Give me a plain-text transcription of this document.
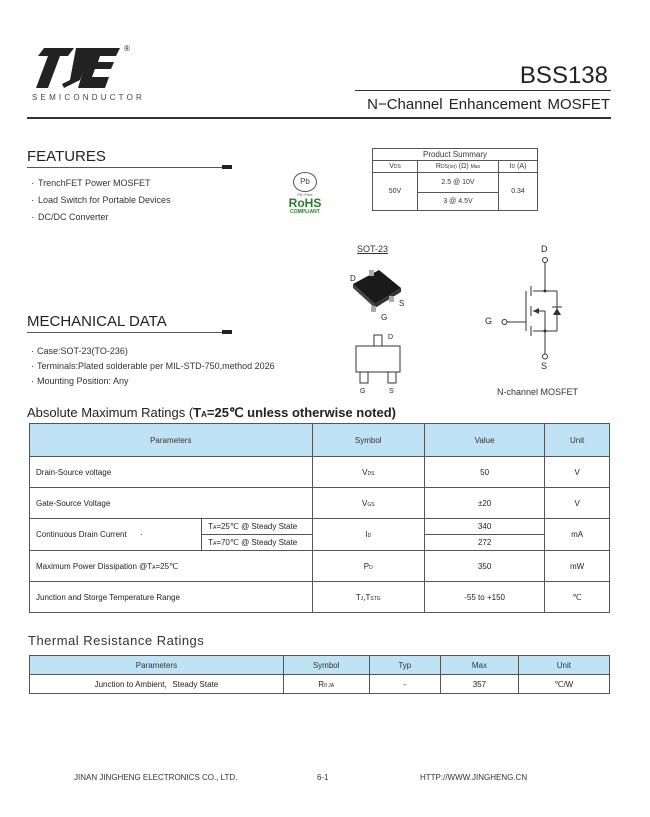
®
SEMICONDUCTOR
BSS138
N−Channel Enhancement MOSFET
FEATURES
· TrenchFET Power MOSFET
· Load Switch for Portable Devices
· DC/DC Converter
Pb
Pb−Free
RoHS
COMPLIANT
Product Summary		
VDS	RDS(on) (Ω) Max	ID (A)
50V	2.5 @ 10V	0.34
	3 @ 4.5V	
SOT-23
D
G
S
D
G	S
D
G
S
N-channel MOSFET
MECHANICAL DATA
· Case:SOT-23(TO-236)
· Terminals:Plated solderable per MIL-STD-750,method 2026
· Mounting Position: Any
Absolute Maximum Ratings (TA=25℃ unless otherwise noted)
Parameters		Symbol	Value	Unit
Drain-Source voltage		VDS	50	V
Gate-Source Voltage		VGS	±20	V
Continuous Drain Current ·	TA=25℃ @ Steady State	ID	340	mA
	TA=70℃ @ Steady State		272	
Maximum Power Dissipation @TA=25℃		PD	350	mW
Junction and Storge Temperature Range		TJ,TSTG	-55 to +150	℃
Thermal Resistance Ratings
Parameters	Symbol	Typ	Max	Unit
Junction to Ambient，Steady State	Rθ JA	-	357	℃/W
JINAN JINGHENG ELECTRONICS CO., LTD.	6-1	HTTP://WWW.JINGHENG.CN
